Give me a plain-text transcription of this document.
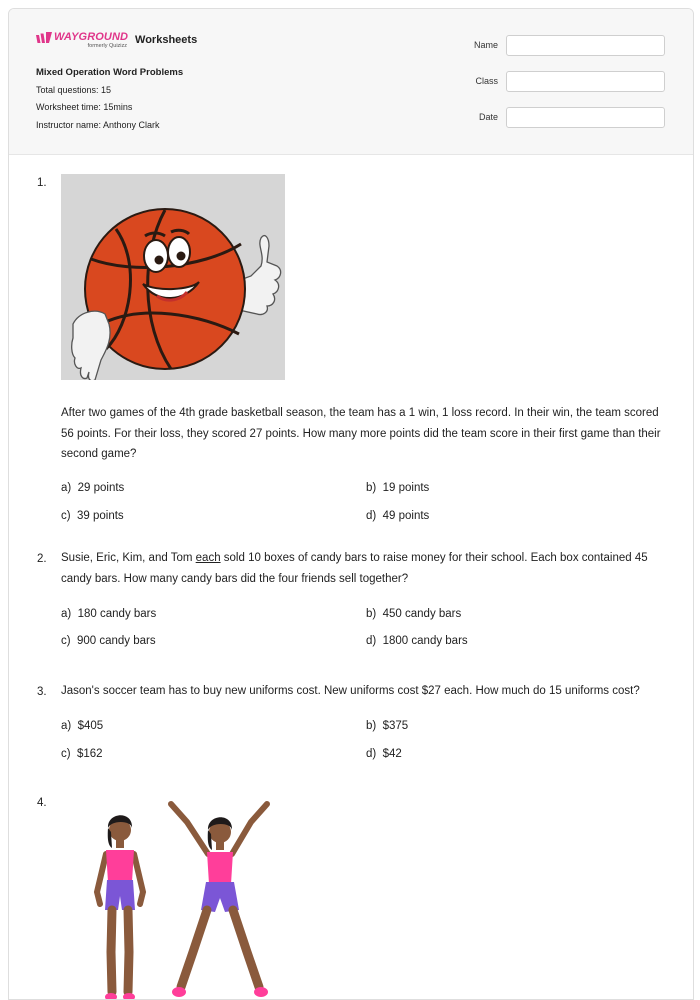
WAYGROUND
formerly Quizizz Worksheets
Mixed Operation Word Problems
Total questions: 15
Worksheet time: 15mins
Instructor name: Anthony Clark
Name
Class
Date
1.
After two games of the 4th grade basketball season, the team has a 1 win, 1 loss record. In their win, the team scored 56 points. For their loss, they scored 27 points. How many more points did the team score in their first game than their second game?
a) 29 points	b) 19 points
c) 39 points	d) 49 points
2. Susie, Eric, Kim, and Tom each sold 10 boxes of candy bars to raise money for their school. Each box contained 45 candy bars. How many candy bars did the four friends sell together?
a) 180 candy bars	b) 450 candy bars
c) 900 candy bars	d) 1800 candy bars
3. Jason's soccer team has to buy new uniforms cost. New uniforms cost $27 each. How much do 15 uniforms cost?
a) $405	b) $375
c) $162	d) $42
4.
